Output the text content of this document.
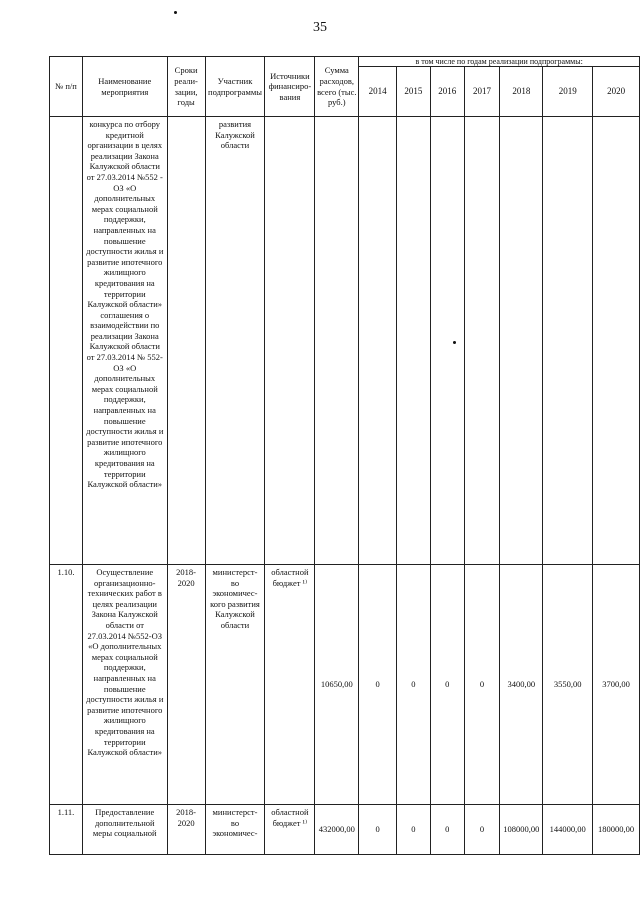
35
№ п/п	Наименование мероприятия	Сроки реали-зации, годы	Участник подпрограммы	Источники финансиро-вания	Сумма расходов, всего (тыс. руб.)	в том числе по годам реализации подпрограммы:						
						2014	2015	2016	2017	2018	2019	2020

	конкурса по отбору кредитной организации в целях реализации Закона Калужской области от 27.03.2014 №552 - ОЗ «О дополнительных мерах социальной поддержки, направленных на повышение доступности жилья и развитие ипотечного жилищного кредитования на территории Калужской области» соглашения о взаимодействии по реализации Закона Калужской области от 27.03.2014 № 552-ОЗ «О дополнительных мерах социальной поддержки, направленных на повышение доступности жилья и развитие ипотечного жилищного кредитования на территории Калужской области»		развития Калужской области									

1.10.	Осуществление организационно-технических работ в целях реализации Закона Калужской области от 27.03.2014 №552-ОЗ «О дополнительных мерах социальной поддержки, направленных на повышение доступности жилья и развитие ипотечного жилищного кредитования на территории Калужской области»	2018-2020	министерст-во экономичес-кого развития Калужской области	областной бюджет ¹⁾	10650,00	0	0	0	0	3400,00	3550,00	3700,00

1.11.	Предоставление дополнительной меры социальной	2018-2020	министерст-во экономичес-	областной бюджет ¹⁾	432000,00	0	0	0	0	108000,00	144000,00	180000,00
